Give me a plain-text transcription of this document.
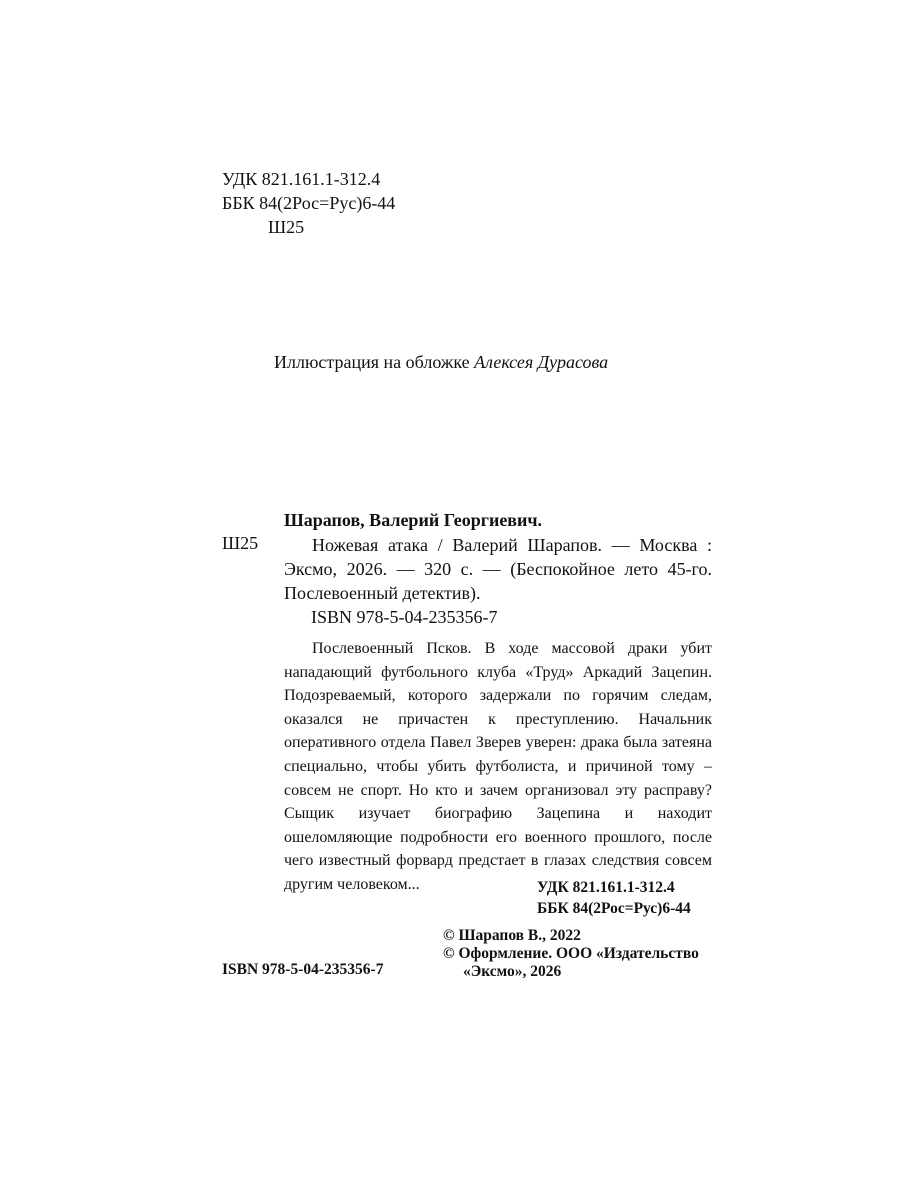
УДК 821.161.1-312.4
ББК 84(2Рос=Рус)6-44
Ш25
Иллюстрация на обложке Алексея Дурасова
Шарапов, Валерий Георгиевич.
Ш25	Ножевая атака / Валерий Шарапов. — Москва : Эксмо, 2026. — 320 с. — (Беспокойное лето 45-го. Послевоенный детектив).

ISBN 978-5-04-235356-7

Послевоенный Псков. В ходе массовой драки убит нападающий футбольного клуба «Труд» Аркадий Зацепин. Подозреваемый, которого задержали по горячим следам, оказался не причастен к преступлению. Начальник оперативного отдела Павел Зверев уверен: драка была затеяна специально, чтобы убить футболиста, и причиной тому – совсем не спорт. Но кто и зачем организовал эту расправу? Сыщик изучает биографию Зацепина и находит ошеломляющие подробности его военного прошлого, после чего известный форвард предстает в глазах следствия совсем другим человеком...	УДК 821.161.1-312.4
ББК 84(2Рос=Рус)6-44
© Шарапов В., 2022
© Оформление. ООО «Издательство
«Эксмо», 2026
ISBN 978-5-04-235356-7
